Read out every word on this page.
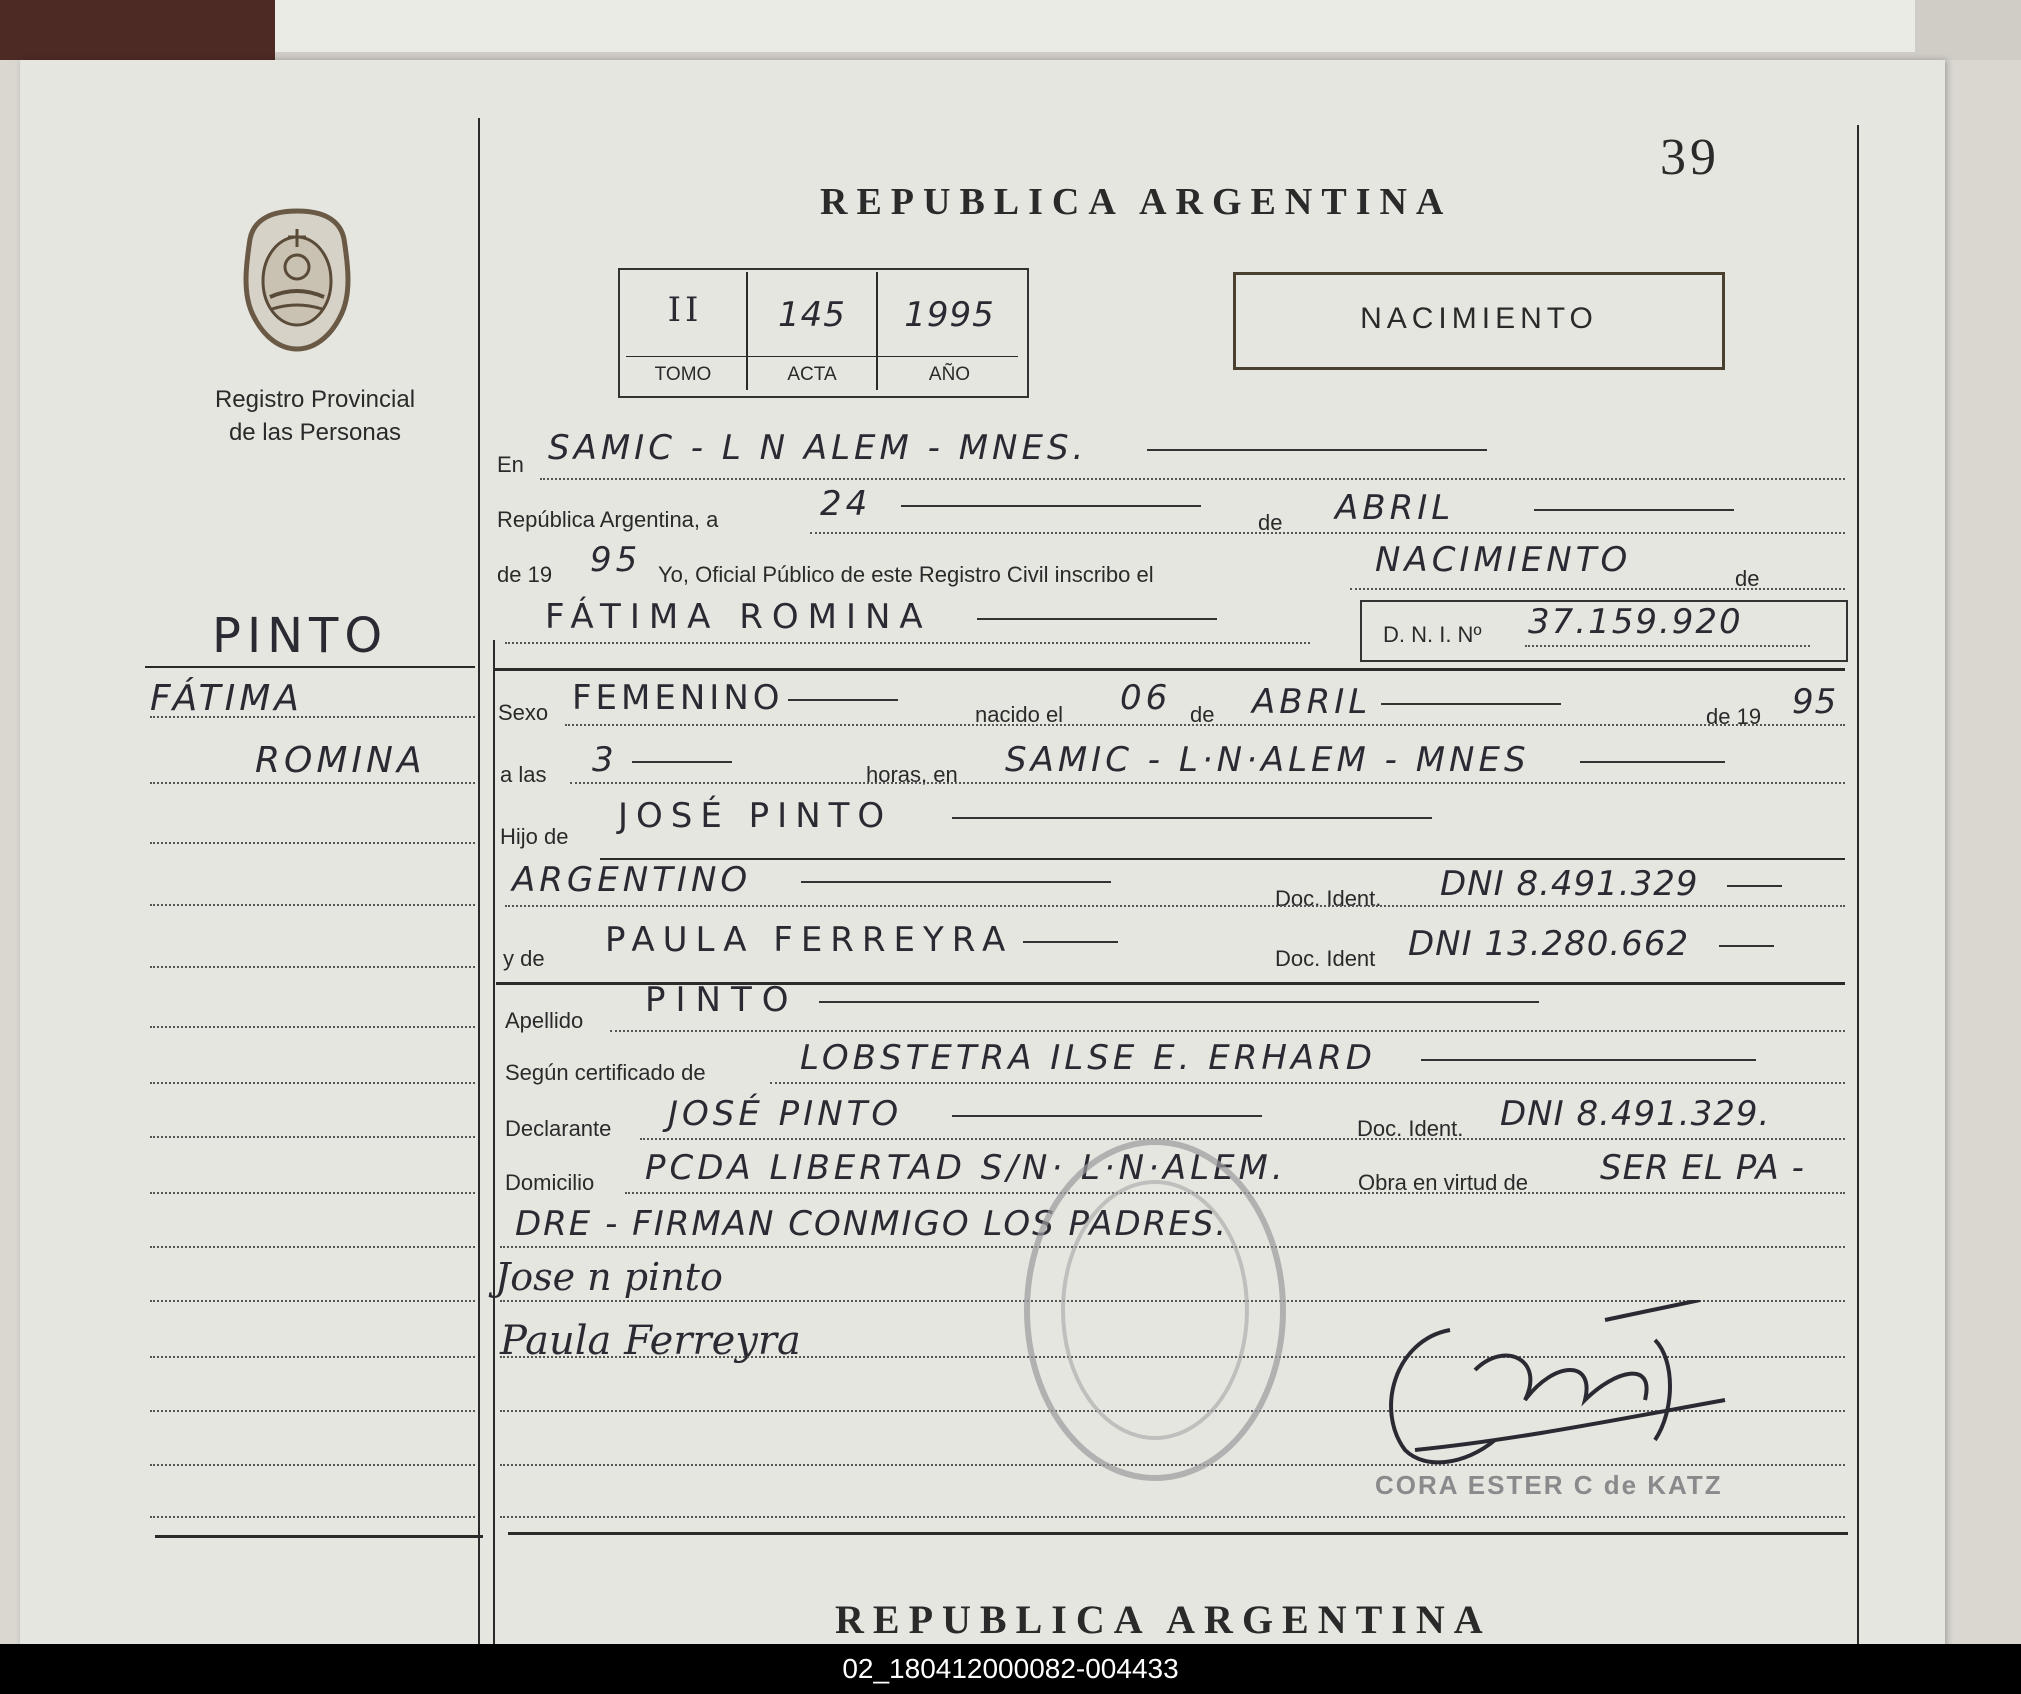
39
REPUBLICA ARGENTINA
Registro Provincial
de las Personas
II	145	1995
TOMO	ACTA	AÑO
NACIMIENTO
PINTO
FÁTIMA
ROMINA
En SAMIC - L N ALEM - MNES.
República Argentina, a	24	de ABRIL
de 19 95 Yo, Oficial Público de este Registro Civil inscribo el	NACIMIENTO	de
FÁTIMA ROMINA	D. N. I. Nº 37.159.920
Sexo FEMENINO	nacido el 06 de ABRIL	de 19 95
a las 3	horas, en SAMIC - L·N·ALEM - MNES
Hijo de
JOSÉ PINTO
ARGENTINO	Doc. Ident. DNI 8.491.329
y de PAULA FERREYRA	Doc. Ident DNI 13.280.662
Apellido
PINTO
Según certificado de	LOBSTETRA ILSE E. ERHARD
Declarante JOSÉ PINTO	Doc. Ident. DNI 8.491.329.
Domicilio PCDA LIBERTAD S/N· L·N·ALEM.	Obra en virtud de SER EL PA -
DRE - FIRMAN CONMIGO LOS PADRES.
Jose n pinto
Paula Ferreyra
CORA ESTER C de KATZ
REPUBLICA ARGENTINA
02_180412000082-004433
